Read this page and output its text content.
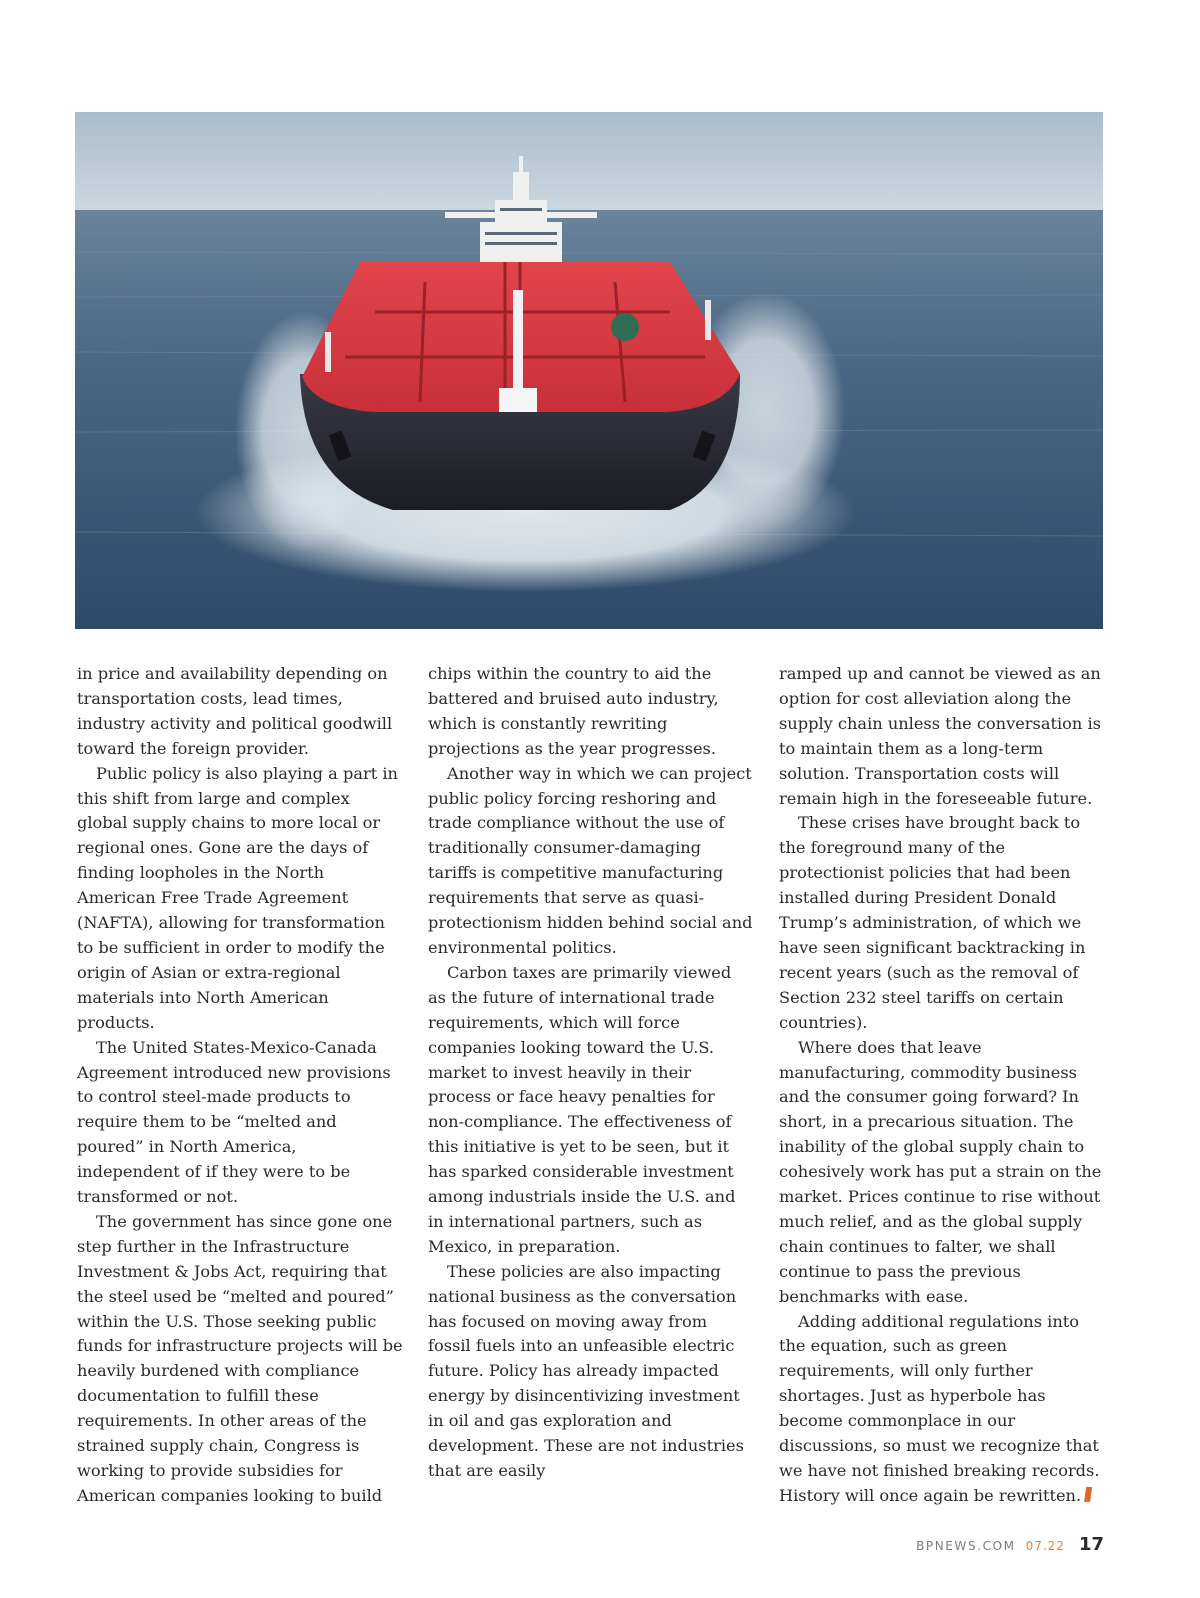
in price and availability depending on transportation costs, lead times, industry activity and political goodwill toward the foreign provider.

Public policy is also playing a part in this shift from large and complex global supply chains to more local or regional ones. Gone are the days of finding loopholes in the North American Free Trade Agreement (NAFTA), allowing for transformation to be sufficient in order to modify the origin of Asian or extra-regional materials into North American products.

The United States-Mexico-Canada Agreement introduced new provisions to control steel-made products to require them to be “melted and poured” in North America, independent of if they were to be transformed or not.

The government has since gone one step further in the Infrastructure Investment & Jobs Act, requiring that the steel used be “melted and poured” within the U.S. Those seeking public funds for infrastructure projects will be heavily burdened with compliance documentation to fulfill these requirements. In other areas of the strained supply chain, Congress is working to provide subsidies for American companies looking to build

chips within the country to aid the battered and bruised auto industry, which is constantly rewriting projections as the year progresses.

Another way in which we can project public policy forcing reshoring and trade compliance without the use of traditionally consumer-damaging tariffs is competitive manufacturing requirements that serve as quasi-protectionism hidden behind social and environmental politics.

Carbon taxes are primarily viewed as the future of international trade requirements, which will force companies looking toward the U.S. market to invest heavily in their process or face heavy penalties for non-compliance. The effectiveness of this initiative is yet to be seen, but it has sparked considerable investment among industrials inside the U.S. and in international partners, such as Mexico, in preparation.

These policies are also impacting national business as the conversation has focused on moving away from fossil fuels into an unfeasible electric future. Policy has already impacted energy by disincentivizing investment in oil and gas exploration and development. These are not industries that are easily

ramped up and cannot be viewed as an option for cost alleviation along the supply chain unless the conversation is to maintain them as a long-term solution. Transportation costs will remain high in the foreseeable future.

These crises have brought back to the foreground many of the protectionist policies that had been installed during President Donald Trump’s administration, of which we have seen significant backtracking in recent years (such as the removal of Section 232 steel tariffs on certain countries).

Where does that leave manufacturing, commodity business and the consumer going forward? In short, in a precarious situation. The inability of the global supply chain to cohesively work has put a strain on the market. Prices continue to rise without much relief, and as the global supply chain continues to falter, we shall continue to pass the previous benchmarks with ease.

Adding additional regulations into the equation, such as green requirements, will only further shortages. Just as hyperbole has become commonplace in our discussions, so must we recognize that we have not finished breaking records. History will once again be rewritten.

BPNEWS.COM 07.22 17
